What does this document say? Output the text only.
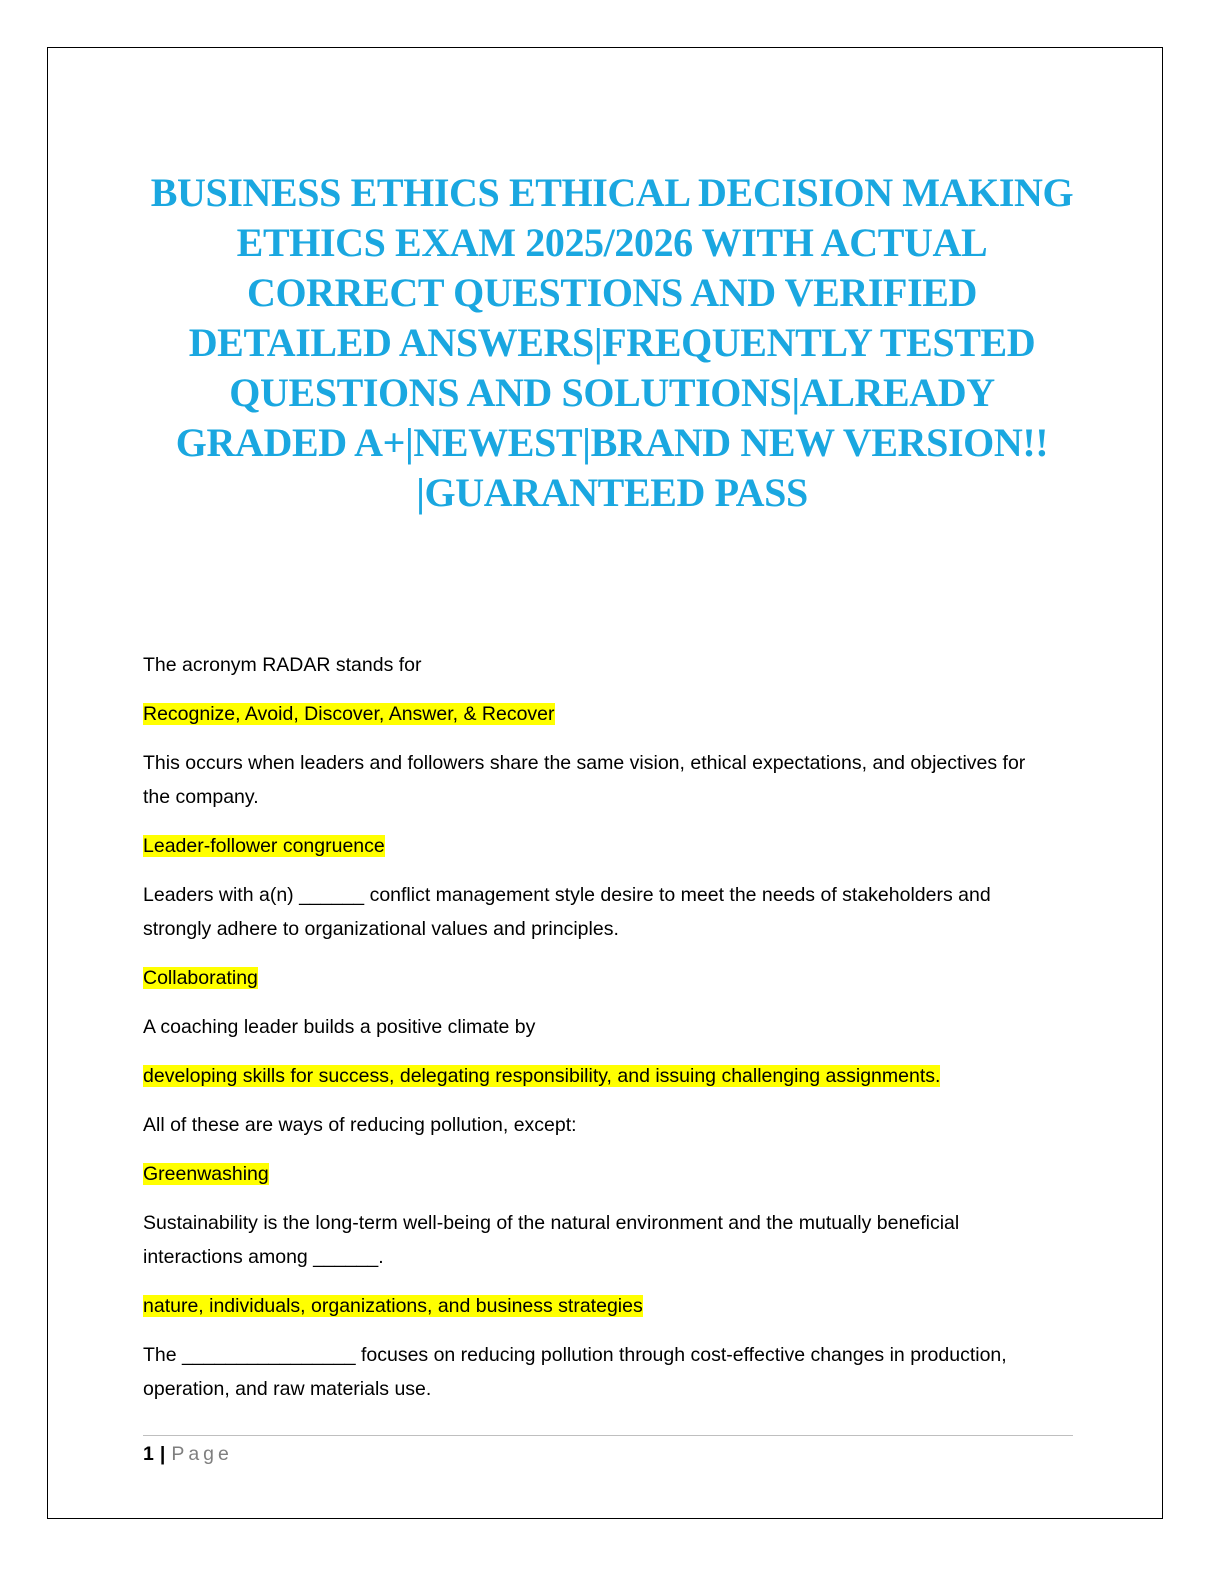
BUSINESS ETHICS ETHICAL DECISION MAKING ETHICS EXAM 2025/2026 WITH ACTUAL CORRECT QUESTIONS AND VERIFIED DETAILED ANSWERS|FREQUENTLY TESTED QUESTIONS AND SOLUTIONS|ALREADY GRADED A+|NEWEST|BRAND NEW VERSION!! |GUARANTEED PASS

The acronym RADAR stands for

Recognize, Avoid, Discover, Answer, & Recover

This occurs when leaders and followers share the same vision, ethical expectations, and objectives for the company.

Leader-follower congruence

Leaders with a(n) ______ conflict management style desire to meet the needs of stakeholders and strongly adhere to organizational values and principles.

Collaborating

A coaching leader builds a positive climate by

developing skills for success, delegating responsibility, and issuing challenging assignments.

All of these are ways of reducing pollution, except:

Greenwashing

Sustainability is the long-term well-being of the natural environment and the mutually beneficial interactions among ______.

nature, individuals, organizations, and business strategies

The ________________ focuses on reducing pollution through cost-effective changes in production, operation, and raw materials use.

1 | Page
